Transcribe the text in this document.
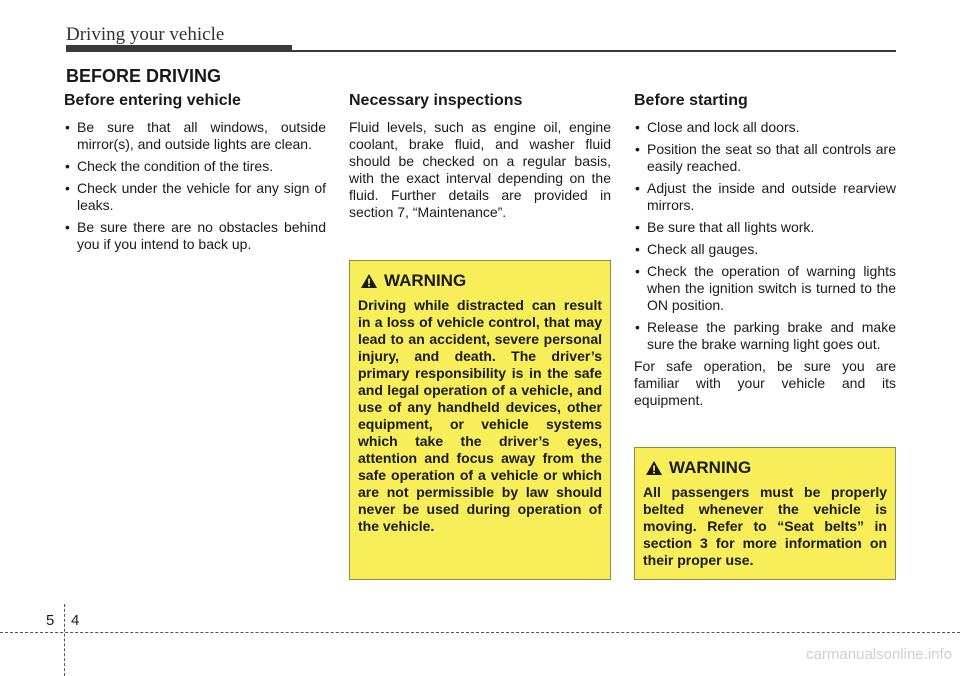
Driving your vehicle
BEFORE DRIVING
Before entering vehicle
• Be sure that all windows, outside mirror(s), and outside lights are clean.
• Check the condition of the tires.
• Check under the vehicle for any sign of leaks.
• Be sure there are no obstacles behind you if you intend to back up.
Necessary inspections

Fluid levels, such as engine oil, engine coolant, brake fluid, and washer fluid should be checked on a regular basis, with the exact interval depending on the fluid. Further details are provided in section 7, “Maintenance”.

WARNING

Driving while distracted can result in a loss of vehicle control, that may lead to an accident, severe personal injury, and death. The driver’s primary responsibility is in the safe and legal operation of a vehicle, and use of any handheld devices, other equipment, or vehicle systems which take the driver’s eyes, attention and focus away from the safe operation of a vehicle or which are not permissible by law should never be used during operation of the vehicle.

Before starting
• Close and lock all doors.
• Position the seat so that all controls are easily reached.
• Adjust the inside and outside rearview mirrors.
• Be sure that all lights work.
• Check all gauges.
• Check the operation of warning lights when the ignition switch is turned to the ON position.
• Release the parking brake and make sure the brake warning light goes out.

For safe operation, be sure you are familiar with your vehicle and its equipment.

WARNING

All passengers must be properly belted whenever the vehicle is moving. Refer to “Seat belts” in section 3 for more information on their proper use.

5 4
carmanualsonline.info
